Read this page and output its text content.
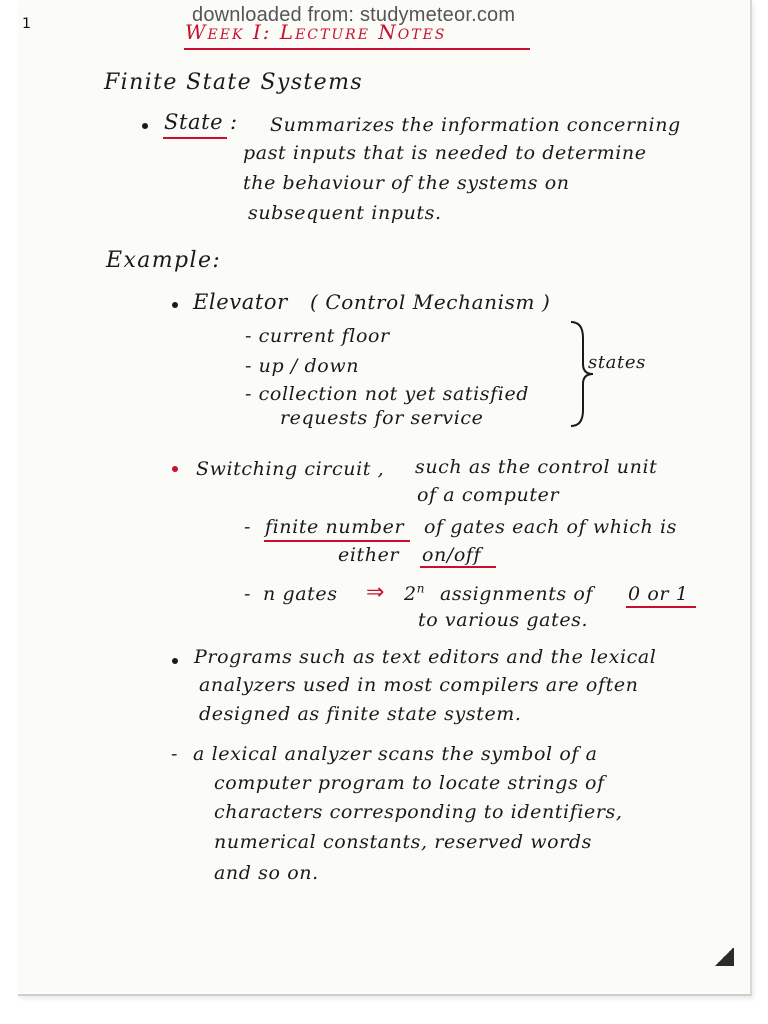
1	downloaded from: studymeteor.com
Week I: Lecture Notes
Finite State Systems
State : Summarizes the information concerning
past inputs that is needed to determine
the behaviour of the systems on
subsequent inputs.
Example:
Elevator ( Control Mechanism )
- current floor
- up / down
- collection not yet satisfied
requests for service
states
Switching circuit , such as the control unit
of a computer
- finite number of gates each of which is
either on/off
- n gates ⇒ 2$^n$ assignments of 0 or 1
to various gates.
Programs such as text editors and the lexical
analyzers used in most compilers are often
designed as finite state system.
- a lexical analyzer scans the symbol of a
computer program to locate strings of
characters corresponding to identifiers,
numerical constants, reserved words
and so on.
